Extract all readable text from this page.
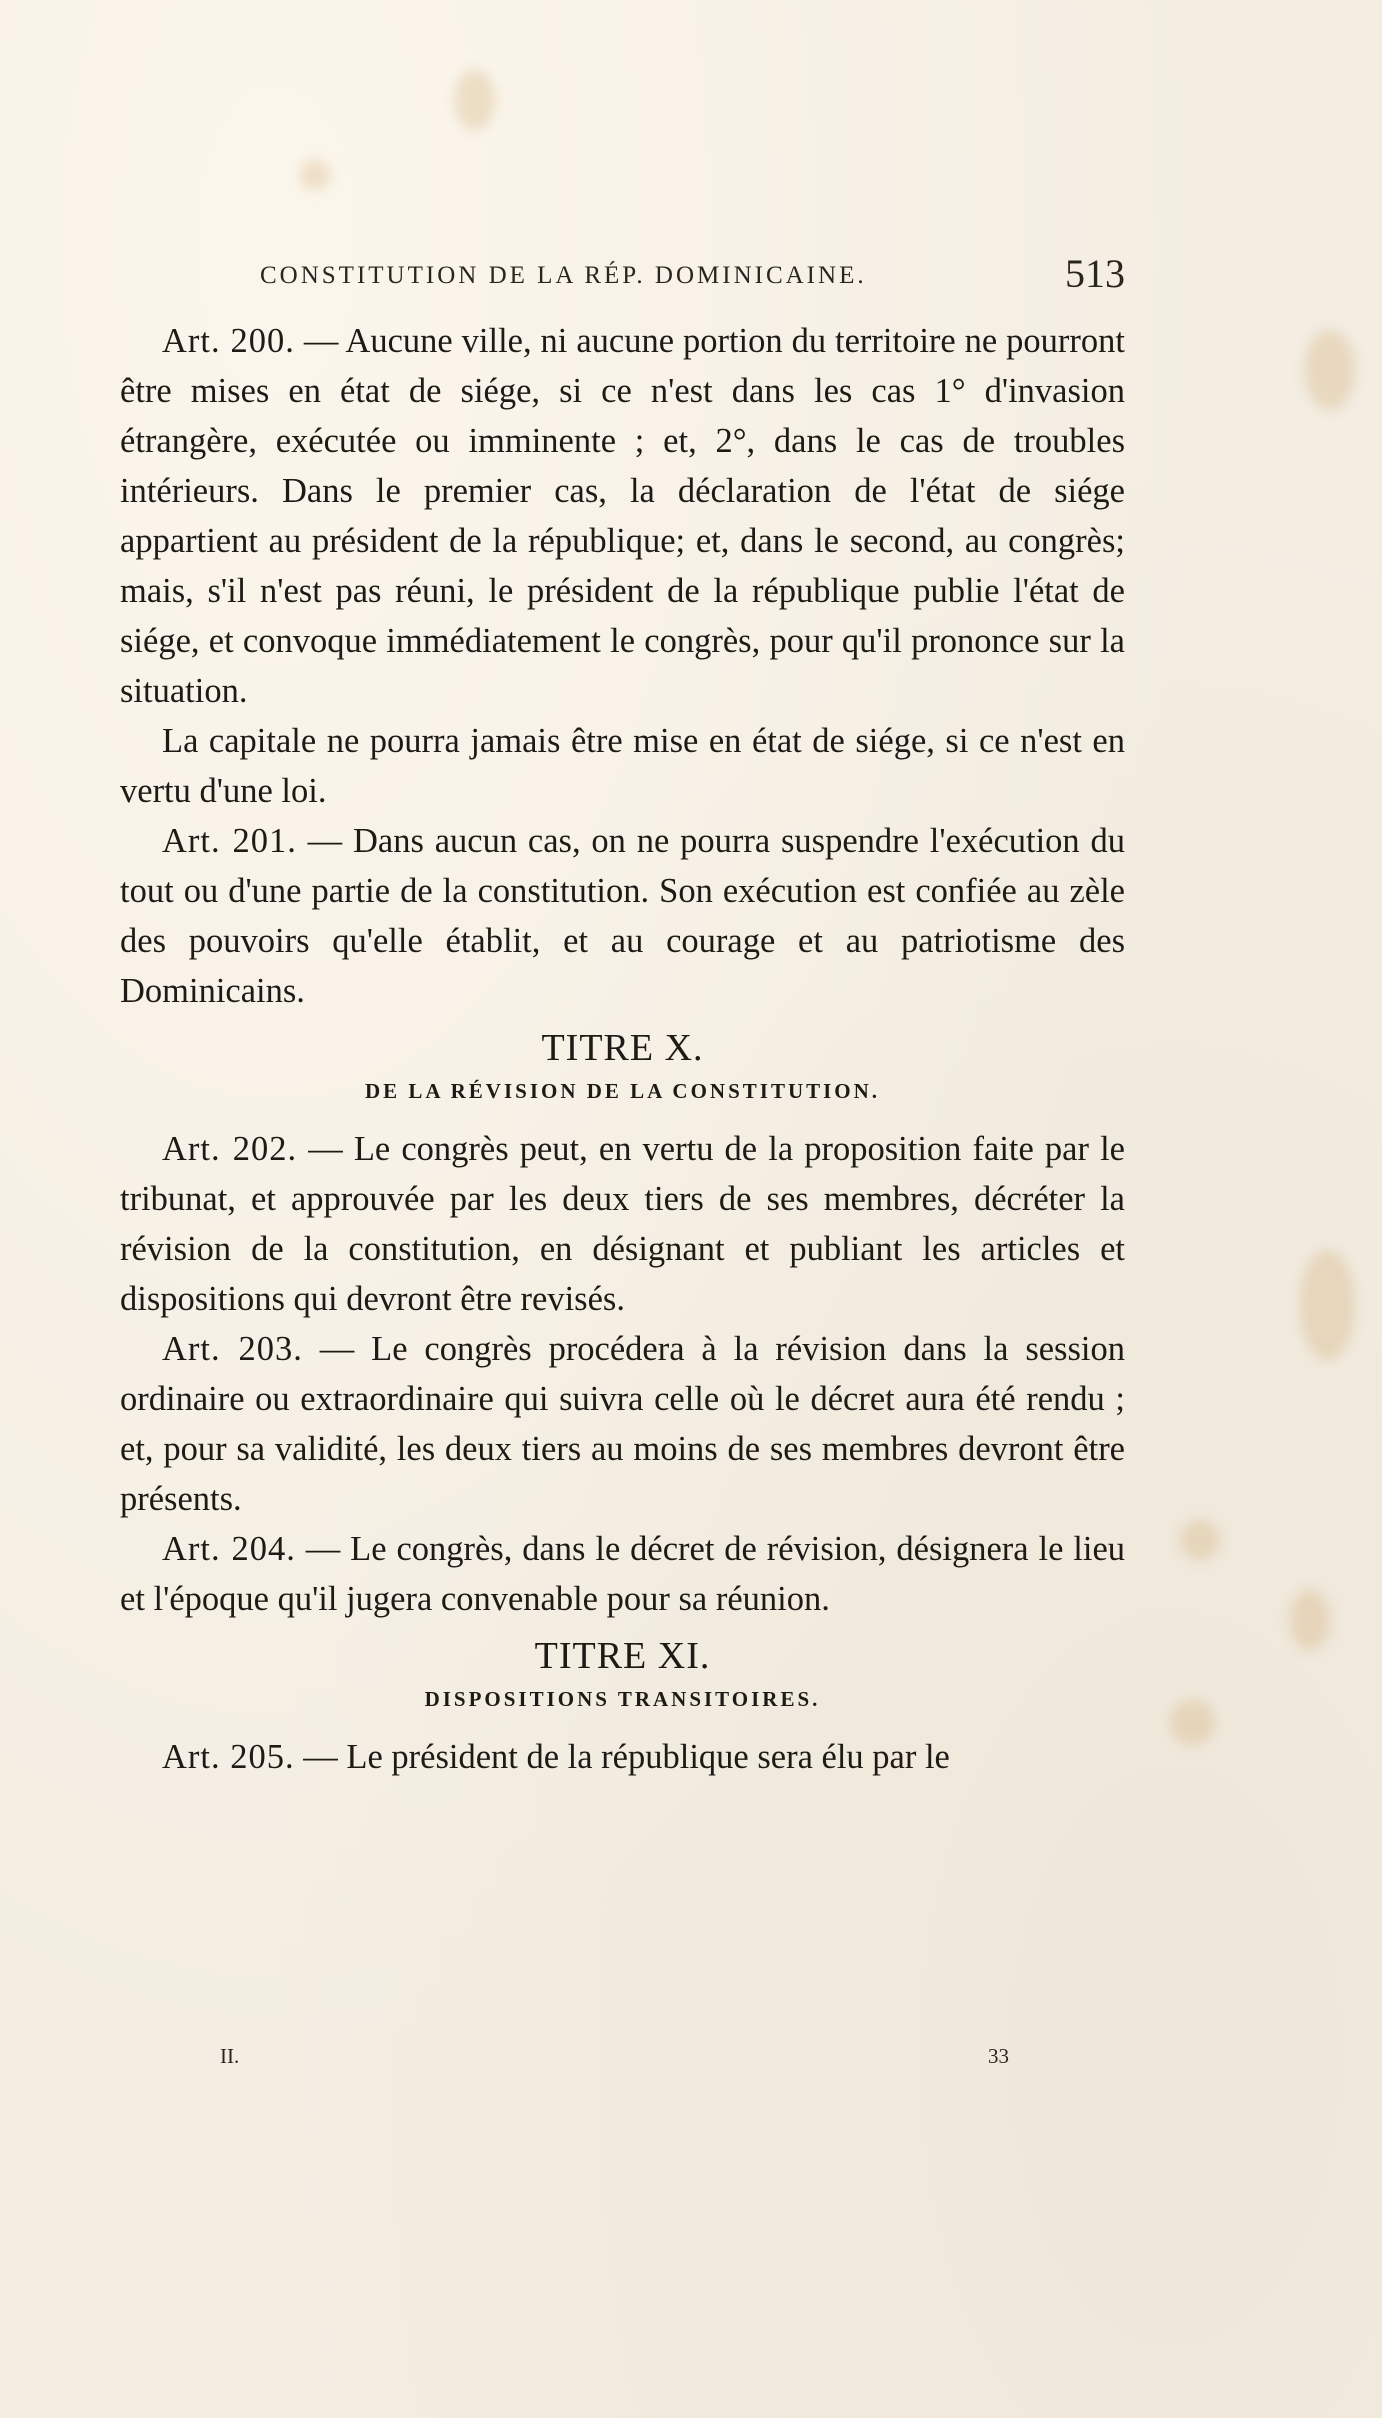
CONSTITUTION DE LA RÉP. DOMINICAINE.	513

Art. 200. — Aucune ville, ni aucune portion du territoire ne pourront être mises en état de siége, si ce n'est dans les cas 1° d'invasion étrangère, exécutée ou imminente ; et, 2°, dans le cas de troubles intérieurs. Dans le premier cas, la déclaration de l'état de siége appartient au président de la république; et, dans le second, au congrès; mais, s'il n'est pas réuni, le président de la république publie l'état de siége, et convoque immédiatement le congrès, pour qu'il prononce sur la situation.

La capitale ne pourra jamais être mise en état de siége, si ce n'est en vertu d'une loi.

Art. 201. — Dans aucun cas, on ne pourra suspendre l'exécution du tout ou d'une partie de la constitution. Son exécution est confiée au zèle des pouvoirs qu'elle établit, et au courage et au patriotisme des Dominicains.

TITRE X.
DE LA RÉVISION DE LA CONSTITUTION.

Art. 202. — Le congrès peut, en vertu de la proposition faite par le tribunat, et approuvée par les deux tiers de ses membres, décréter la révision de la constitution, en désignant et publiant les articles et dispositions qui devront être revisés.

Art. 203. — Le congrès procédera à la révision dans la session ordinaire ou extraordinaire qui suivra celle où le décret aura été rendu ; et, pour sa validité, les deux tiers au moins de ses membres devront être présents.

Art. 204. — Le congrès, dans le décret de révision, désignera le lieu et l'époque qu'il jugera convenable pour sa réunion.

TITRE XI.
DISPOSITIONS TRANSITOIRES.

Art. 205. — Le président de la république sera élu par le

II.	33
